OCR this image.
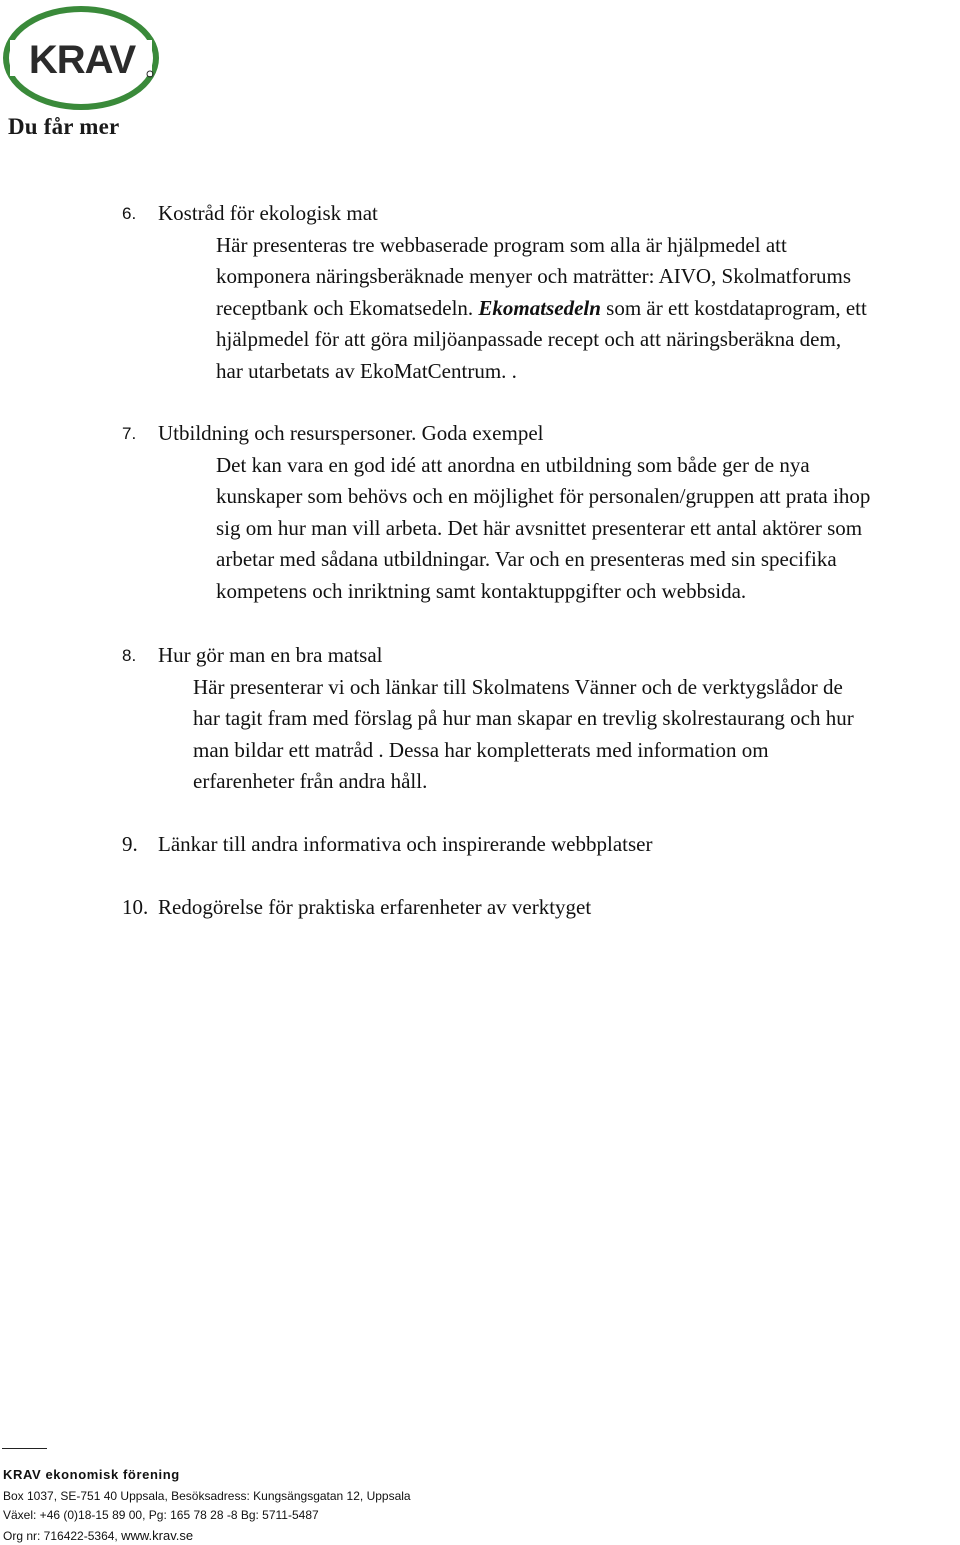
KRAV
Du får mer
6. Kostråd för ekologisk mat
Här presenteras tre webbaserade program som alla är hjälpmedel att
komponera näringsberäknade menyer och maträtter: AIVO, Skolmatforums
receptbank och Ekomatsedeln. Ekomatsedeln som är ett kostdataprogram, ett
hjälpmedel för att göra miljöanpassade recept och att näringsberäkna dem,
har utarbetats av EkoMatCentrum. .
7. Utbildning och resurspersoner. Goda exempel
Det kan vara en god idé att anordna en utbildning som både ger de nya
kunskaper som behövs och en möjlighet för personalen/gruppen att prata ihop
sig om hur man vill arbeta. Det här avsnittet presenterar ett antal aktörer som
arbetar med sådana utbildningar. Var och en presenteras med sin specifika
kompetens och inriktning samt kontaktuppgifter och webbsida.
8. Hur gör man en bra matsal
Här presenterar vi och länkar till Skolmatens Vänner och de verktygslådor de
har tagit fram med förslag på hur man skapar en trevlig skolrestaurang och hur
man bildar ett matråd . Dessa har kompletterats med information om
erfarenheter från andra håll.
9. Länkar till andra informativa och inspirerande webbplatser
10. Redogörelse för praktiska erfarenheter av verktyget
KRAV ekonomisk förening
Box 1037, SE-751 40 Uppsala, Besöksadress: Kungsängsgatan 12, Uppsala
Växel: +46 (0)18-15 89 00, Pg: 165 78 28 -8 Bg: 5711-5487
Org nr: 716422-5364, www.krav.se
